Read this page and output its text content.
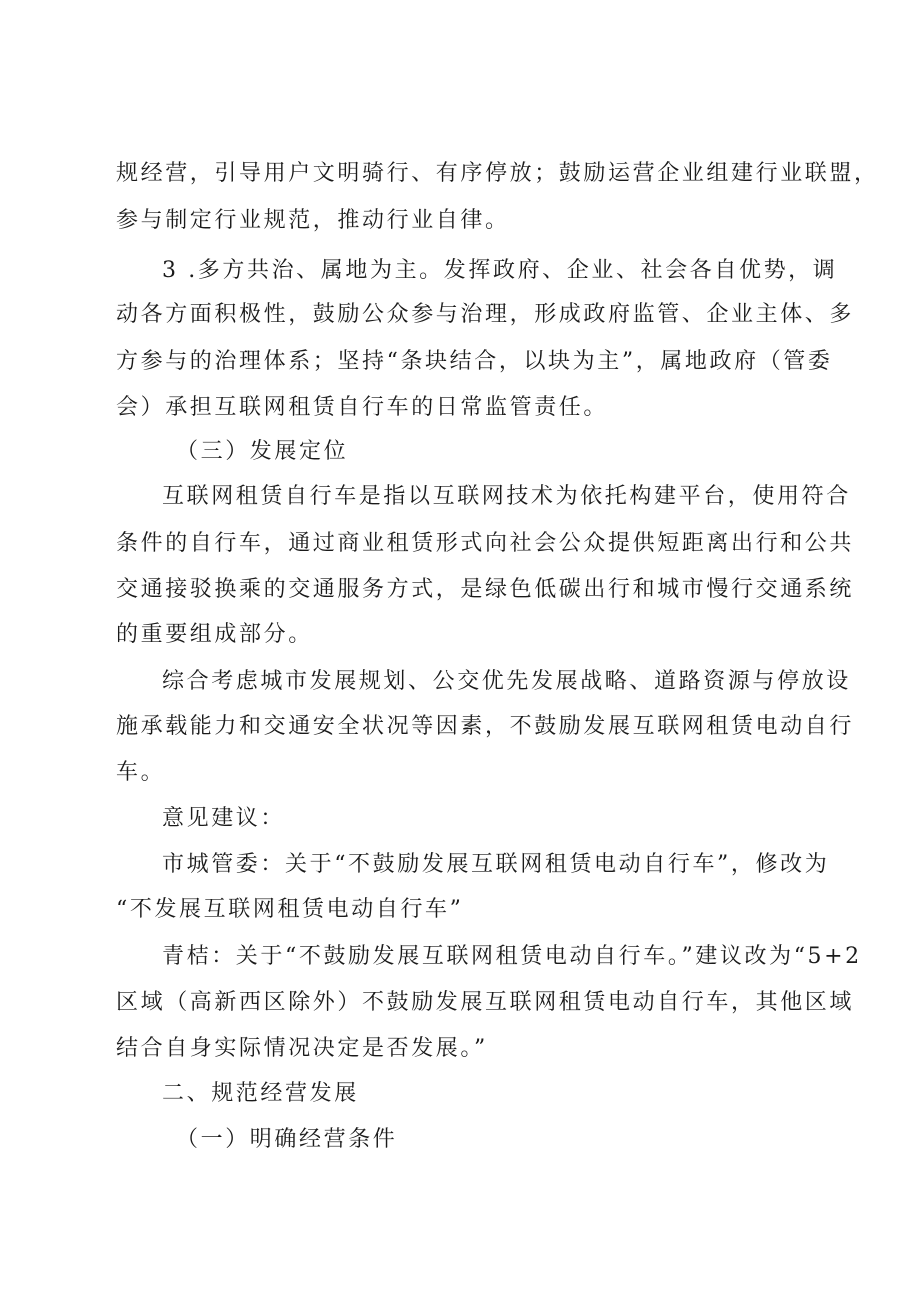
规经营，引导用户文明骑行、有序停放；鼓励运营企业组建行业联盟，
参与制定行业规范，推动行业自律。
3 .多方共治、属地为主。发挥政府、企业、社会各自优势，调
动各方面积极性，鼓励公众参与治理，形成政府监管、企业主体、多
方参与的治理体系；坚持“条块结合，以块为主”，属地政府（管委
会）承担互联网租赁自行车的日常监管责任。
（三）发展定位
互联网租赁自行车是指以互联网技术为依托构建平台，使用符合
条件的自行车，通过商业租赁形式向社会公众提供短距离出行和公共
交通接驳换乘的交通服务方式，是绿色低碳出行和城市慢行交通系统
的重要组成部分。
综合考虑城市发展规划、公交优先发展战略、道路资源与停放设
施承载能力和交通安全状况等因素，不鼓励发展互联网租赁电动自行
车。
意见建议：
市城管委：关于“不鼓励发展互联网租赁电动自行车”，修改为
“不发展互联网租赁电动自行车”
青桔：关于“不鼓励发展互联网租赁电动自行车。”建议改为“5+2
区域（高新西区除外）不鼓励发展互联网租赁电动自行车，其他区域
结合自身实际情况决定是否发展。”
二、规范经营发展
（一）明确经营条件
